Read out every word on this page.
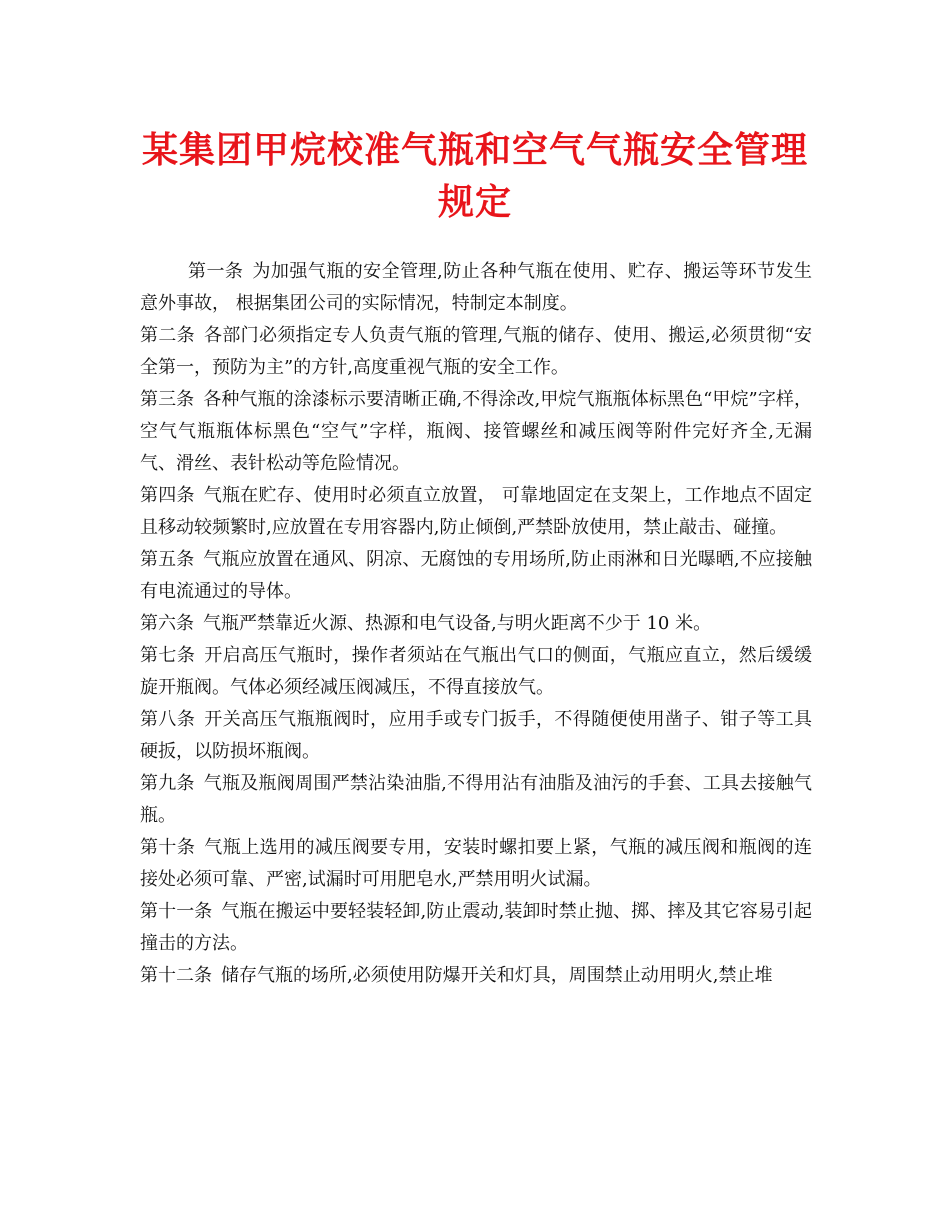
某集团甲烷校准气瓶和空气气瓶安全管理规定

第一条 为加强气瓶的安全管理,防止各种气瓶在使用、贮存、搬运等环节发生意外事故， 根据集团公司的实际情况，特制定本制度。

第二条 各部门必须指定专人负责气瓶的管理,气瓶的储存、使用、搬运,必须贯彻“安全第一，预防为主”的方针,高度重视气瓶的安全工作。

第三条 各种气瓶的涂漆标示要清晰正确,不得涂改,甲烷气瓶瓶体标黑色“甲烷”字样，空气气瓶瓶体标黑色“空气”字样，瓶阀、接管螺丝和减压阀等附件完好齐全,无漏气、滑丝、表针松动等危险情况。

第四条 气瓶在贮存、使用时必须直立放置， 可靠地固定在支架上，工作地点不固定且移动较频繁时,应放置在专用容器内,防止倾倒,严禁卧放使用，禁止敲击、碰撞。

第五条 气瓶应放置在通风、阴凉、无腐蚀的专用场所,防止雨淋和日光曝晒,不应接触有电流通过的导体。

第六条 气瓶严禁靠近火源、热源和电气设备,与明火距离不少于 10 米。

第七条 开启高压气瓶时，操作者须站在气瓶出气口的侧面，气瓶应直立，然后缓缓旋开瓶阀。气体必须经减压阀减压，不得直接放气。

第八条 开关高压气瓶瓶阀时，应用手或专门扳手，不得随便使用凿子、钳子等工具硬扳，以防损坏瓶阀。

第九条 气瓶及瓶阀周围严禁沾染油脂,不得用沾有油脂及油污的手套、工具去接触气瓶。

第十条 气瓶上选用的减压阀要专用，安装时螺扣要上紧，气瓶的减压阀和瓶阀的连接处必须可靠、严密,试漏时可用肥皂水,严禁用明火试漏。

第十一条 气瓶在搬运中要轻装轻卸,防止震动,装卸时禁止抛、掷、摔及其它容易引起撞击的方法。

第十二条 储存气瓶的场所,必须使用防爆开关和灯具，周围禁止动用明火,禁止堆
